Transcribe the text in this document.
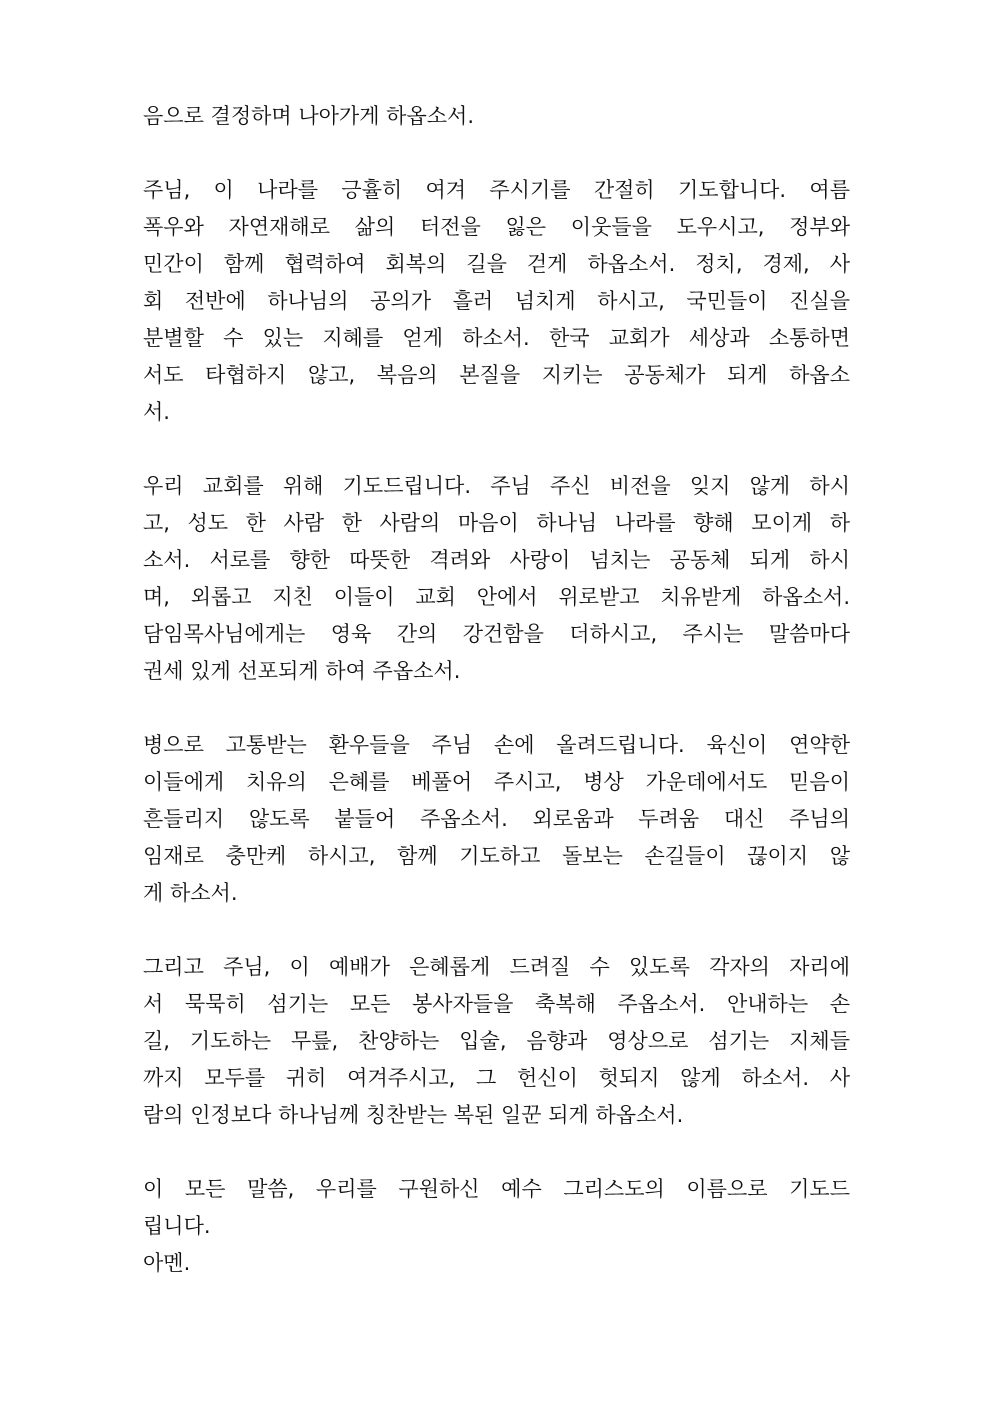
음으로 결정하며 나아가게 하옵소서.
주님, 이 나라를 긍휼히 여겨 주시기를 간절히 기도합니다. 여름
폭우와 자연재해로 삶의 터전을 잃은 이웃들을 도우시고, 정부와
민간이 함께 협력하여 회복의 길을 걷게 하옵소서. 정치, 경제, 사
회 전반에 하나님의 공의가 흘러 넘치게 하시고, 국민들이 진실을
분별할 수 있는 지혜를 얻게 하소서. 한국 교회가 세상과 소통하면
서도 타협하지 않고, 복음의 본질을 지키는 공동체가 되게 하옵소
서.
우리 교회를 위해 기도드립니다. 주님 주신 비전을 잊지 않게 하시
고, 성도 한 사람 한 사람의 마음이 하나님 나라를 향해 모이게 하
소서. 서로를 향한 따뜻한 격려와 사랑이 넘치는 공동체 되게 하시
며, 외롭고 지친 이들이 교회 안에서 위로받고 치유받게 하옵소서.
담임목사님에게는 영육 간의 강건함을 더하시고, 주시는 말씀마다
권세 있게 선포되게 하여 주옵소서.
병으로 고통받는 환우들을 주님 손에 올려드립니다. 육신이 연약한
이들에게 치유의 은혜를 베풀어 주시고, 병상 가운데에서도 믿음이
흔들리지 않도록 붙들어 주옵소서. 외로움과 두려움 대신 주님의
임재로 충만케 하시고, 함께 기도하고 돌보는 손길들이 끊이지 않
게 하소서.
그리고 주님, 이 예배가 은혜롭게 드려질 수 있도록 각자의 자리에
서 묵묵히 섬기는 모든 봉사자들을 축복해 주옵소서. 안내하는 손
길, 기도하는 무릎, 찬양하는 입술, 음향과 영상으로 섬기는 지체들
까지 모두를 귀히 여겨주시고, 그 헌신이 헛되지 않게 하소서. 사
람의 인정보다 하나님께 칭찬받는 복된 일꾼 되게 하옵소서.
이 모든 말씀, 우리를 구원하신 예수 그리스도의 이름으로 기도드
립니다.
아멘.
